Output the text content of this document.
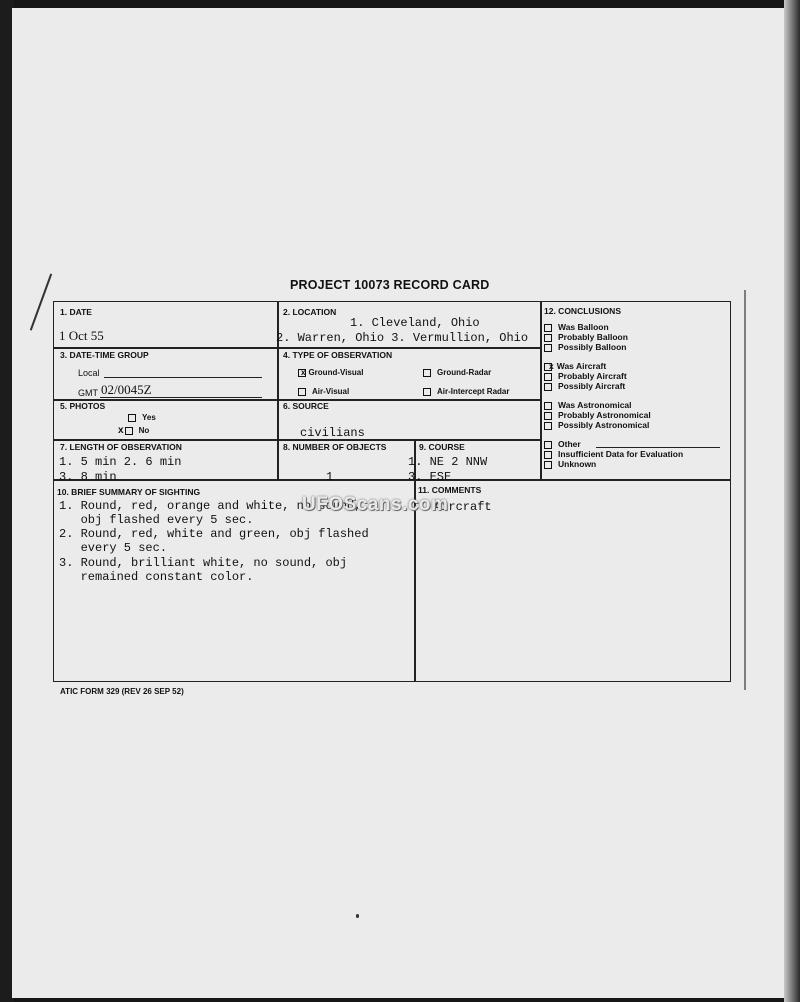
PROJECT 10073 RECORD CARD
1. DATE
1 Oct 55
2. LOCATION
1. Cleveland, Ohio
2. Warren, Ohio 3. Vermullion, Ohio
3. DATE-TIME GROUP
Local
GMT 02/0045Z
4. TYPE OF OBSERVATION
x Ground-Visual	Ground-Radar
Air-Visual	Air-Intercept Radar
5. PHOTOS
Yes
x No
6. SOURCE
civilians
7. LENGTH OF OBSERVATION
1. 5 min 2. 6 min
3. 8 min
8. NUMBER OF OBJECTS
1
9. COURSE
1. NE 2 NNW
3. ESE
10. BRIEF SUMMARY OF SIGHTING
1. Round, red, orange and white, no sound,
obj flashed every 5 sec.
2. Round, red, white and green, obj flashed
every 5 sec.
3. Round, brilliant white, no sound, obj
remained constant color.
11. COMMENTS
Aircraft
12. CONCLUSIONS
Was Balloon
Probably Balloon
Possibly Balloon
x Was Aircraft
Probably Aircraft
Possibly Aircraft
Was Astronomical
Probably Astronomical
Possibly Astronomical
Other
Insufficient Data for Evaluation
Unknown
UFOScans.com
ATIC FORM 329 (REV 26 SEP 52)
